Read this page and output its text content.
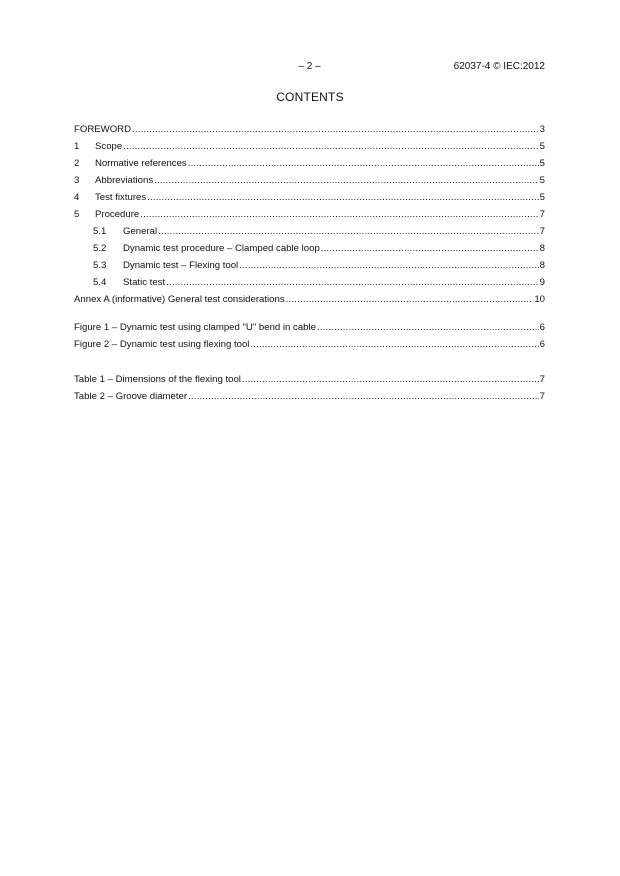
– 2 –	62037-4 © IEC:2012
CONTENTS
FOREWORD .....	3
1	Scope .....	5
2	Normative references .....	5
3	Abbreviations .....	5
4	Test fixtures .....	5
5	Procedure .....	7
5.1	General .....	7
5.2	Dynamic test procedure – Clamped cable loop .....	8
5.3	Dynamic test – Flexing tool .....	8
5.4	Static test .....	9
Annex A (informative) General test considerations .....	10
Figure 1 – Dynamic test using clamped "U" bend in cable .....	6
Figure 2 – Dynamic test using flexing tool .....	6
Table 1 – Dimensions of the flexing tool .....	7
Table 2 – Groove diameter .....	7
